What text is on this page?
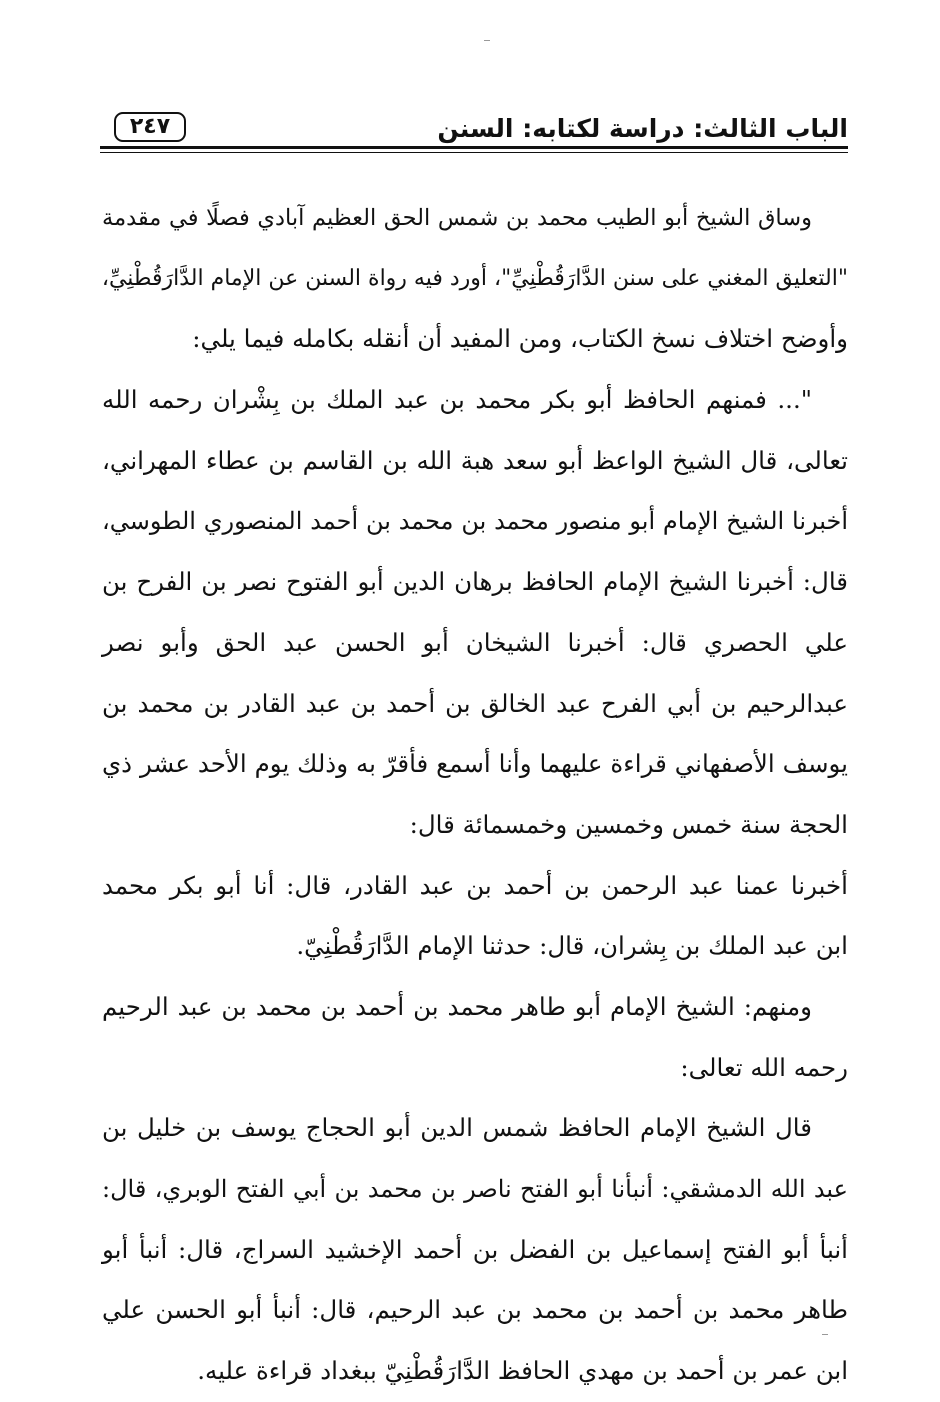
الباب الثالث: دراسة لكتابه: السنن
٢٤٧
وساق الشيخ أبو الطيب محمد بن شمس الحق العظيم آبادي فصلًا في مقدمة
"التعليق المغني على سنن الدَّارَقُطْنِيِّ"، أورد فيه رواة السنن عن الإمام الدَّارَقُطْنِيِّ،
وأوضح اختلاف نسخ الكتاب، ومن المفيد أن أنقله بكامله فيما يلي:
"... فمنهم الحافظ أبو بكر محمد بن عبد الملك بن بِشْران رحمه الله
تعالى، قال الشيخ الواعظ أبو سعد هبة الله بن القاسم بن عطاء المهراني،
أخبرنا الشيخ الإمام أبو منصور محمد بن محمد بن أحمد المنصوري الطوسي،
قال: أخبرنا الشيخ الإمام الحافظ برهان الدين أبو الفتوح نصر بن الفرح بن
علي الحصري قال: أخبرنا الشيخان أبو الحسن عبد الحق وأبو نصر
عبدالرحيم بن أبي الفرح عبد الخالق بن أحمد بن عبد القادر بن محمد بن
يوسف الأصفهاني قراءة عليهما وأنا أسمع فأقرّ به وذلك يوم الأحد عشر ذي
الحجة سنة خمس وخمسين وخمسمائة قال:
أخبرنا عمنا عبد الرحمن بن أحمد بن عبد القادر، قال: أنا أبو بكر محمد
ابن عبد الملك بن بِشران، قال: حدثنا الإمام الدَّارَقُطْنِيّ.
ومنهم: الشيخ الإمام أبو طاهر محمد بن أحمد بن محمد بن عبد الرحيم
رحمه الله تعالى:
قال الشيخ الإمام الحافظ شمس الدين أبو الحجاج يوسف بن خليل بن
عبد الله الدمشقي: أنبأنا أبو الفتح ناصر بن محمد بن أبي الفتح الوبري، قال:
أنبأ أبو الفتح إسماعيل بن الفضل بن أحمد الإخشيد السراج، قال: أنبأ أبو
طاهر محمد بن أحمد بن محمد بن عبد الرحيم، قال: أنبأ أبو الحسن علي
ابن عمر بن أحمد بن مهدي الحافظ الدَّارَقُطْنِيّ ببغداد قراءة عليه.
